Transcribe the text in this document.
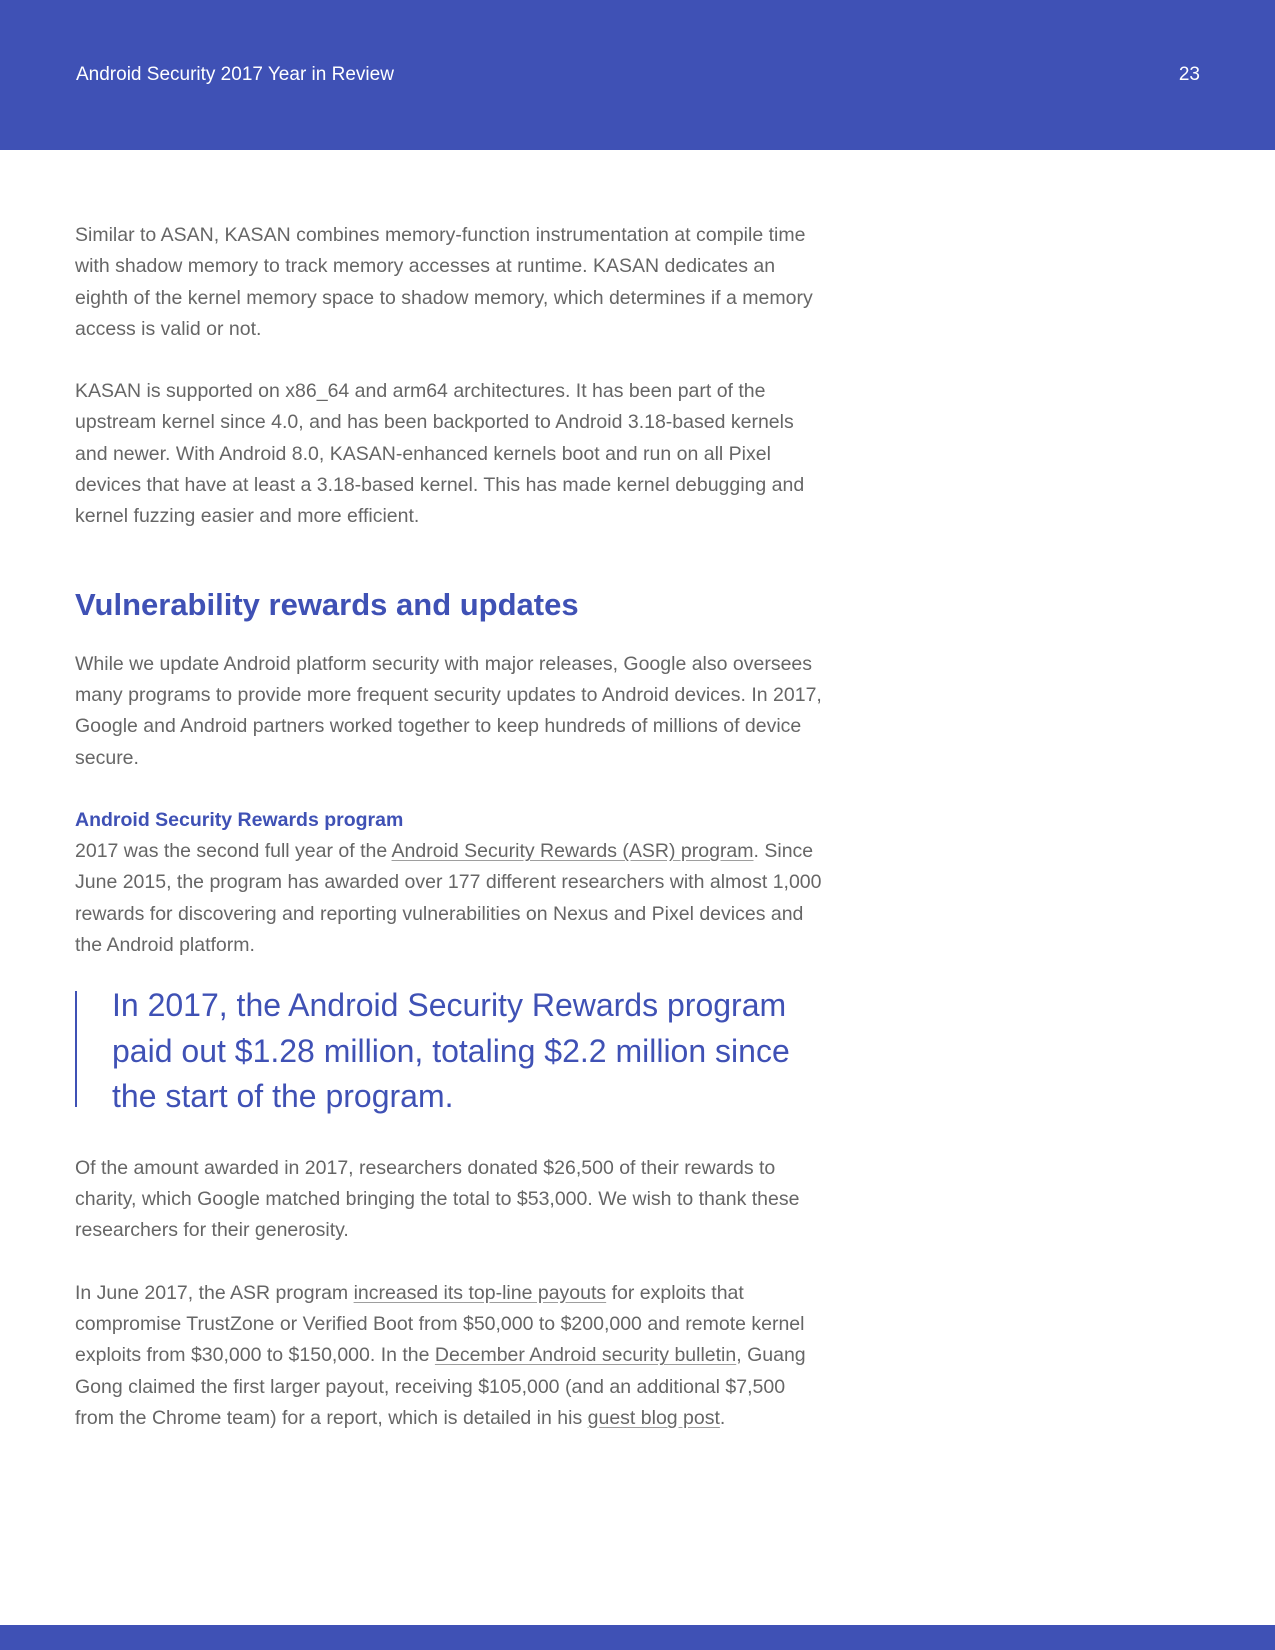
Android Security 2017 Year in Review	23

Similar to ASAN, KASAN combines memory-function instrumentation at compile time with shadow memory to track memory accesses at runtime. KASAN dedicates an eighth of the kernel memory space to shadow memory, which determines if a memory access is valid or not.

KASAN is supported on x86_64 and arm64 architectures. It has been part of the upstream kernel since 4.0, and has been backported to Android 3.18-based kernels and newer. With Android 8.0, KASAN-enhanced kernels boot and run on all Pixel devices that have at least a 3.18-based kernel. This has made kernel debugging and kernel fuzzing easier and more efficient.

Vulnerability rewards and updates

While we update Android platform security with major releases, Google also oversees many programs to provide more frequent security updates to Android devices. In 2017, Google and Android partners worked together to keep hundreds of millions of device secure.

Android Security Rewards program

2017 was the second full year of the Android Security Rewards (ASR) program. Since June 2015, the program has awarded over 177 different researchers with almost 1,000 rewards for discovering and reporting vulnerabilities on Nexus and Pixel devices and the Android platform.

In 2017, the Android Security Rewards program paid out $1.28 million, totaling $2.2 million since the start of the program.

Of the amount awarded in 2017, researchers donated $26,500 of their rewards to charity, which Google matched bringing the total to $53,000. We wish to thank these researchers for their generosity.

In June 2017, the ASR program increased its top-line payouts for exploits that compromise TrustZone or Verified Boot from $50,000 to $200,000 and remote kernel exploits from $30,000 to $150,000. In the December Android security bulletin, Guang Gong claimed the first larger payout, receiving $105,000 (and an additional $7,500 from the Chrome team) for a report, which is detailed in his guest blog post.
